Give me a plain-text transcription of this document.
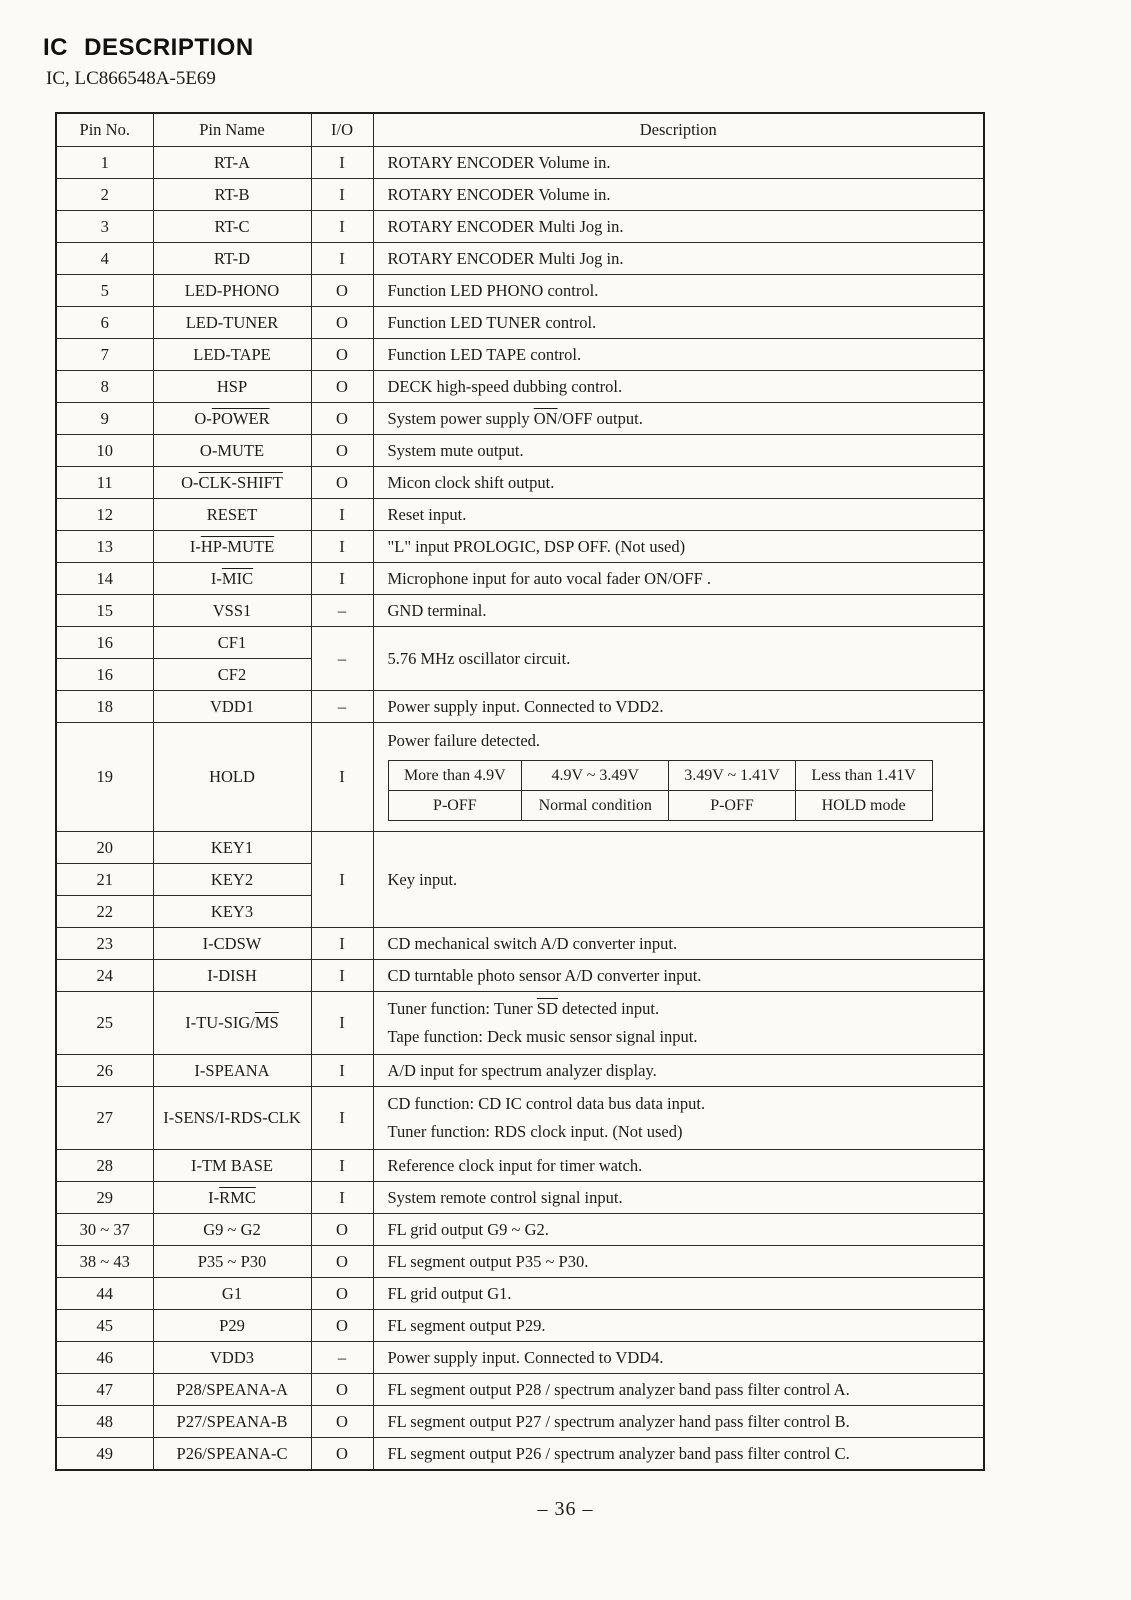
IC DESCRIPTION
IC, LC866548A-5E69
Pin No.	Pin Name	I/O	Description
1	RT-A	I	ROTARY ENCODER Volume in.
2	RT-B	I	ROTARY ENCODER Volume in.
3	RT-C	I	ROTARY ENCODER Multi Jog in.
4	RT-D	I	ROTARY ENCODER Multi Jog in.
5	LED-PHONO	O	Function LED PHONO control.
6	LED-TUNER	O	Function LED TUNER control.
7	LED-TAPE	O	Function LED TAPE control.
8	HSP	O	DECK high-speed dubbing control.
9	O-POWER	O	System power supply $\overline{ON}$/OFF output.
10	O-MUTE	O	System mute output.
11	O-CLK-SHIFT	O	Micon clock shift output.
12	RESET	I	Reset input.
13	I-HP-MUTE	I	"L" input PROLOGIC, DSP OFF. (Not used)
14	$I-\overline{MIC}$	I	Microphone input for auto vocal fader ON/OFF .
15	VSS1	–	GND terminal.
16	CF1	–	5.76 MHz oscillator circuit.
16	CF2
18	VDD1	–	Power supply input. Connected to VDD2.
19	HOLD	I	
Power failure detected.
More than 4.9V	4.9V ~ 3.49V	3.49V ~ 1.41V	Less than 1.41V
P-OFF	Normal condition	P-OFF	HOLD mode

20	KEY1	I	Key input.
21	KEY2
22	KEY3
23	I-CDSW	I	CD mechanical switch A/D converter input.
24	I-DISH	I	CD turntable photo sensor A/D converter input.
25	$I-TU-SIG/\overline{MS}$	I	
Tuner function: Tuner $\overline{SD}$ detected input.
Tape function: Deck music sensor signal input.

26	I-SPEANA	I	A/D input for spectrum analyzer display.
27	I-SENS/I-RDS-CLK	I	
CD function: CD IC control data bus data input.
Tuner function: RDS clock input. (Not used)

28	I-TM BASE	I	Reference clock input for timer watch.
29	$I-\overline{RMC}$	I	System remote control signal input.
30 ~ 37	G9 ~ G2	O	FL grid output G9 ~ G2.
38 ~ 43	P35 ~ P30	O	FL segment output P35 ~ P30.
44	G1	O	FL grid output G1.
45	P29	O	FL segment output P29.
46	VDD3	–	Power supply input. Connected to VDD4.
47	P28/SPEANA-A	O	FL segment output P28 / spectrum analyzer band pass filter control A.
48	P27/SPEANA-B	O	FL segment output P27 / spectrum analyzer hand pass filter control B.
49	P26/SPEANA-C	O	FL segment output P26 / spectrum analyzer band pass filter control C.
– 36 –
